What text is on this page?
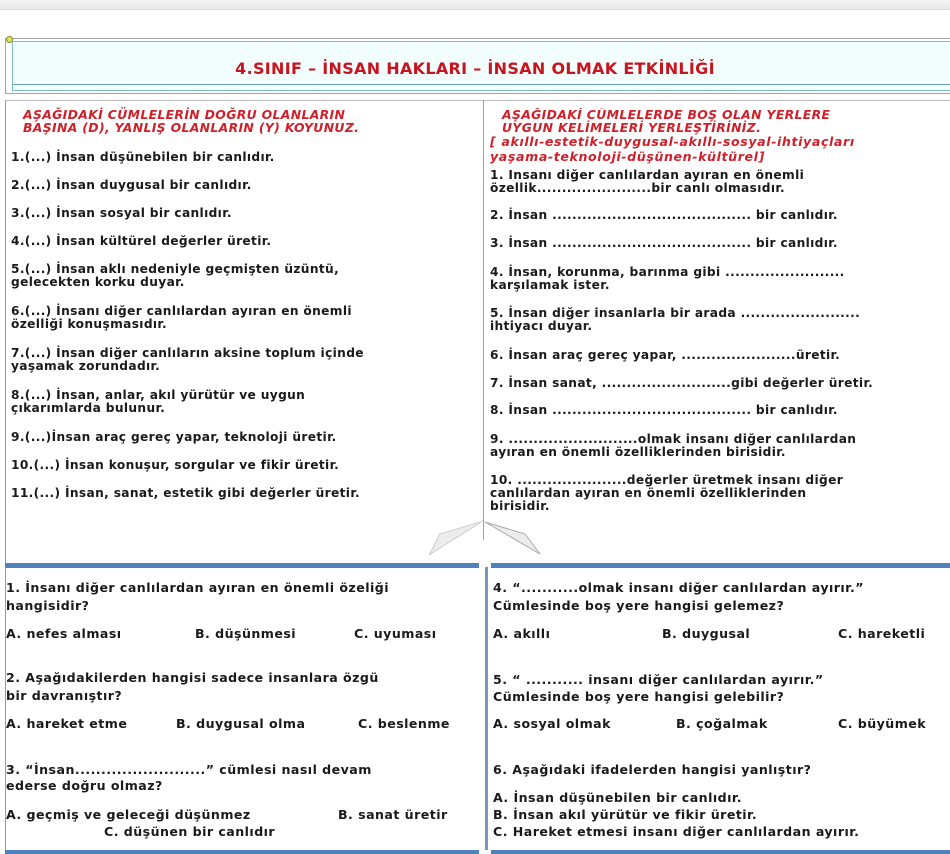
4.SINIF – İNSAN HAKLARI – İNSAN OLMAK ETKİNLİĞİ
AŞAĞIDAKİ CÜMLELERİN DOĞRU OLANLARIN
BAŞINA (D), YANLIŞ OLANLARIN (Y) KOYUNUZ.
1.(...) İnsan düşünebilen bir canlıdır.
2.(...) İnsan duygusal bir canlıdır.
3.(...) İnsan sosyal bir canlıdır.
4.(...) İnsan kültürel değerler üretir.
5.(...) İnsan aklı nedeniyle geçmişten üzüntü,
gelecekten korku duyar.
6.(...) İnsanı diğer canlılardan ayıran en önemli
özelliği konuşmasıdır.
7.(...) İnsan diğer canlıların aksine toplum içinde
yaşamak zorundadır.
8.(...) İnsan, anlar, akıl yürütür ve uygun
çıkarımlarda bulunur.
9.(...)İnsan araç gereç yapar, teknoloji üretir.
10.(...) İnsan konuşur, sorgular ve fikir üretir.
11.(...) İnsan, sanat, estetik gibi değerler üretir.
AŞAĞIDAKİ CÜMLELERDE BOŞ OLAN YERLERE
UYGUN KELİMELERİ YERLEŞTİRİNİZ.
[ akıllı-estetik-duygusal-akıllı-sosyal-ihtiyaçları
yaşama-teknoloji-düşünen-kültürel]
1. İnsanı diğer canlılardan ayıran en önemli
özellik.......................bir canlı olmasıdır.
2. İnsan ........................................ bir canlıdır.
3. İnsan ........................................ bir canlıdır.
4. İnsan, korunma, barınma gibi ........................
karşılamak ister.
5. İnsan diğer insanlarla bir arada ........................
ihtiyacı duyar.
6. İnsan araç gereç yapar, .......................üretir.
7. İnsan sanat, ..........................gibi değerler üretir.
8. İnsan ........................................ bir canlıdır.
9. ..........................olmak insanı diğer canlılardan
ayıran en önemli özelliklerinden birisidir.
10. ......................değerler üretmek insanı diğer
canlılardan ayıran en önemli özelliklerinden
birisidir.
1. İnsanı diğer canlılardan ayıran en önemli özeliği
hangisidir?
A. nefes alması	B. düşünmesi	C. uyuması
2. Aşağıdakilerden hangisi sadece insanlara özgü
bir davranıştır?
A. hareket etme	B. duygusal olma	C. beslenme
3. “İnsan.........................” cümlesi nasıl devam
ederse doğru olmaz?
A. geçmiş ve geleceği düşünmez	B. sanat üretir
C. düşünen bir canlıdır
4. “...........olmak insanı diğer canlılardan ayırır.”
Cümlesinde boş yere hangisi gelemez?
A. akıllı	B. duygusal	C. hareketli
5. “ ........... insanı diğer canlılardan ayırır.”
Cümlesinde boş yere hangisi gelebilir?
A. sosyal olmak	B. çoğalmak	C. büyümek
6. Aşağıdaki ifadelerden hangisi yanlıştır?
A. İnsan düşünebilen bir canlıdır.
B. İnsan akıl yürütür ve fikir üretir.
C. Hareket etmesi insanı diğer canlılardan ayırır.
